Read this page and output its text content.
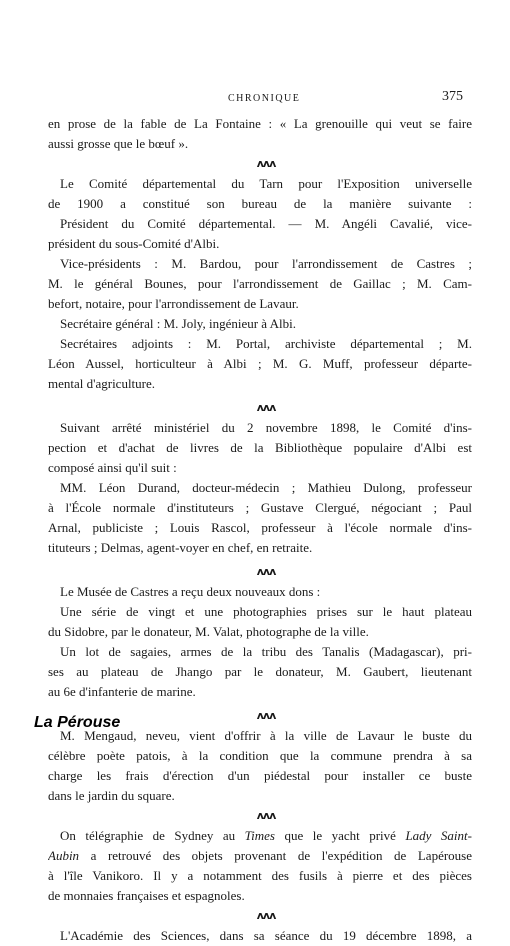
CHRONIQUE	375
La Pérouse
en prose de la fable de La Fontaine : « La grenouille qui veut se faire
aussi grosse que le bœuf ».
ʌʌʌ
Le Comité départemental du Tarn pour l'Exposition universelle
de 1900 a constitué son bureau de la manière suivante :
Président du Comité départemental. — M. Angéli Cavalié, vice-
président du sous-Comité d'Albi.
Vice-présidents : M. Bardou, pour l'arrondissement de Castres ;
M. le général Bounes, pour l'arrondissement de Gaillac ; M. Cam-
befort, notaire, pour l'arrondissement de Lavaur.
Secrétaire général : M. Joly, ingénieur à Albi.
Secrétaires adjoints : M. Portal, archiviste départemental ; M.
Léon Aussel, horticulteur à Albi ; M. G. Muff, professeur départe-
mental d'agriculture.
ʌʌʌ
Suivant arrêté ministériel du 2 novembre 1898, le Comité d'ins-
pection et d'achat de livres de la Bibliothèque populaire d'Albi est
composé ainsi qu'il suit :
MM. Léon Durand, docteur-médecin ; Mathieu Dulong, professeur
à l'École normale d'instituteurs ; Gustave Clergué, négociant ; Paul
Arnal, publiciste ; Louis Rascol, professeur à l'école normale d'ins-
tituteurs ; Delmas, agent-voyer en chef, en retraite.
ʌʌʌ
Le Musée de Castres a reçu deux nouveaux dons :
Une série de vingt et une photographies prises sur le haut plateau
du Sidobre, par le donateur, M. Valat, photographe de la ville.
Un lot de sagaies, armes de la tribu des Tanalis (Madagascar), pri-
ses au plateau de Jhango par le donateur, M. Gaubert, lieutenant
au 6e d'infanterie de marine.
ʌʌʌ
M. Mengaud, neveu, vient d'offrir à la ville de Lavaur le buste du
célèbre poète patois, à la condition que la commune prendra à sa
charge les frais d'érection d'un piédestal pour installer ce buste
dans le jardin du square.
ʌʌʌ
On télégraphie de Sydney au Times que le yacht privé Lady Saint-
Aubin a retrouvé des objets provenant de l'expédition de Lapérouse
à l'île Vanikoro. Il y a notamment des fusils à pierre et des pièces
de monnaies françaises et espagnoles.
ʌʌʌ
L'Académie des Sciences, dans sa séance du 19 décembre 1898, a
